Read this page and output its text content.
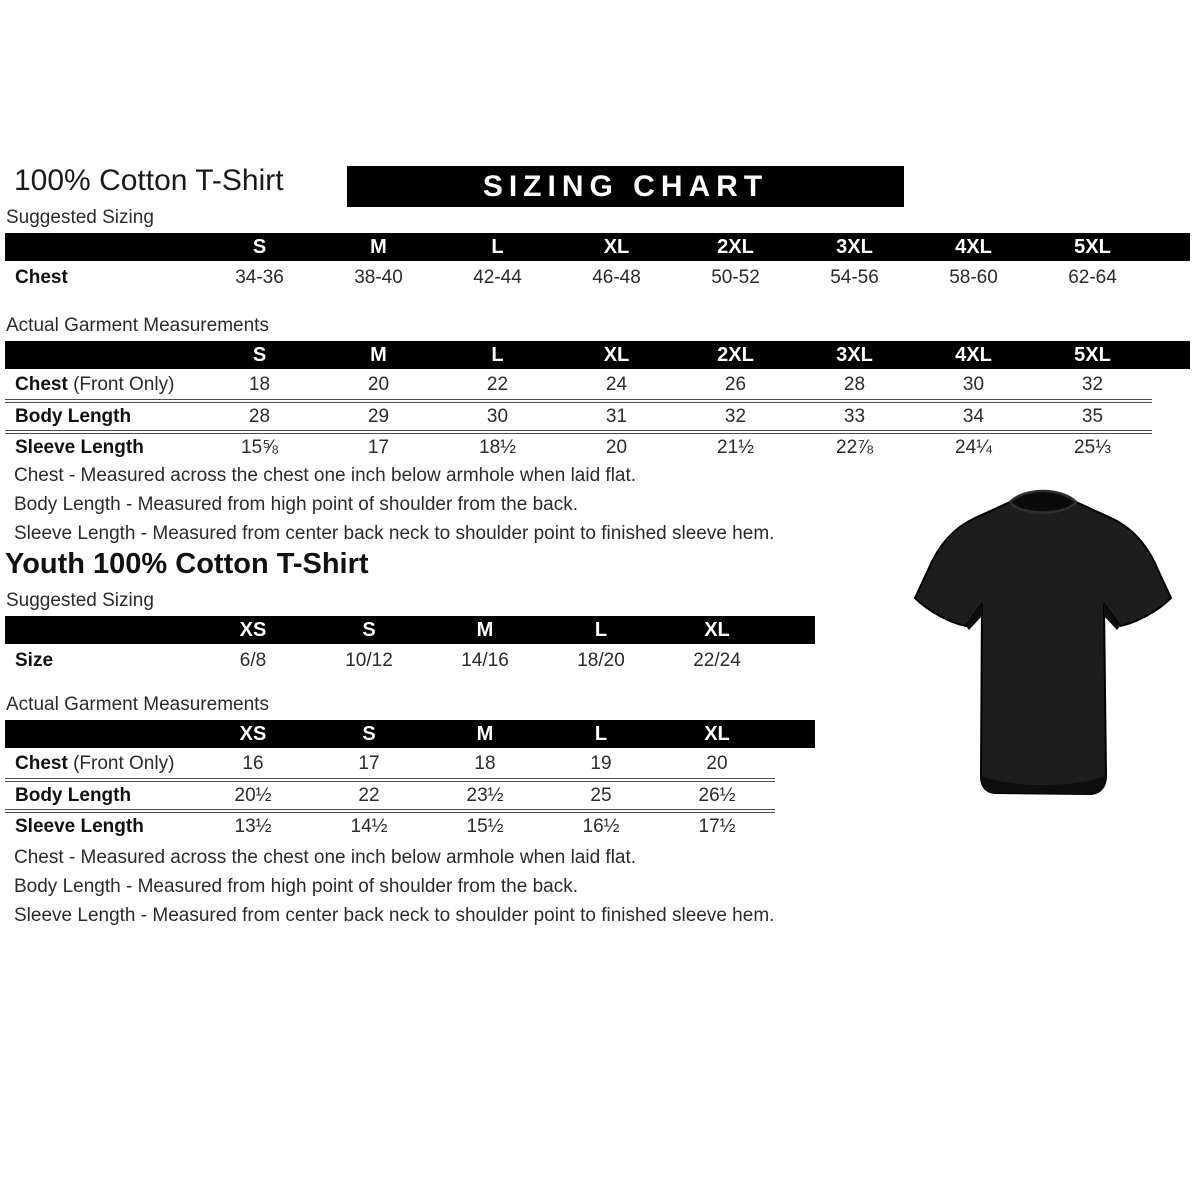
100% Cotton T-Shirt	SIZING CHART
Suggested Sizing
	S	M	L	XL	2XL	3XL	4XL	5XL	
Chest	34-36	38-40	42-44	46-48	50-52	54-56	58-60	62-64	
Actual Garment Measurements
	S	M	L	XL	2XL	3XL	4XL	5XL	
Chest (Front Only)	18	20	22	24	26	28	30	32	
Body Length	28	29	30	31	32	33	34	35	
Sleeve Length	15⅝	17	18½	20	21½	22⅞	24¼	25⅓	
Chest - Measured across the chest one inch below armhole when laid flat.
Body Length - Measured from high point of shoulder from the back.
Sleeve Length - Measured from center back neck to shoulder point to finished sleeve hem.
Youth 100% Cotton T-Shirt
Suggested Sizing
	XS	S	M	L	XL	
Size	6/8	10/12	14/16	18/20	22/24	
Actual Garment Measurements
	XS	S	M	L	XL	
Chest (Front Only)	16	17	18	19	20	
Body Length	20½	22	23½	25	26½	
Sleeve Length	13½	14½	15½	16½	17½	
Chest - Measured across the chest one inch below armhole when laid flat.
Body Length - Measured from high point of shoulder from the back.
Sleeve Length - Measured from center back neck to shoulder point to finished sleeve hem.
